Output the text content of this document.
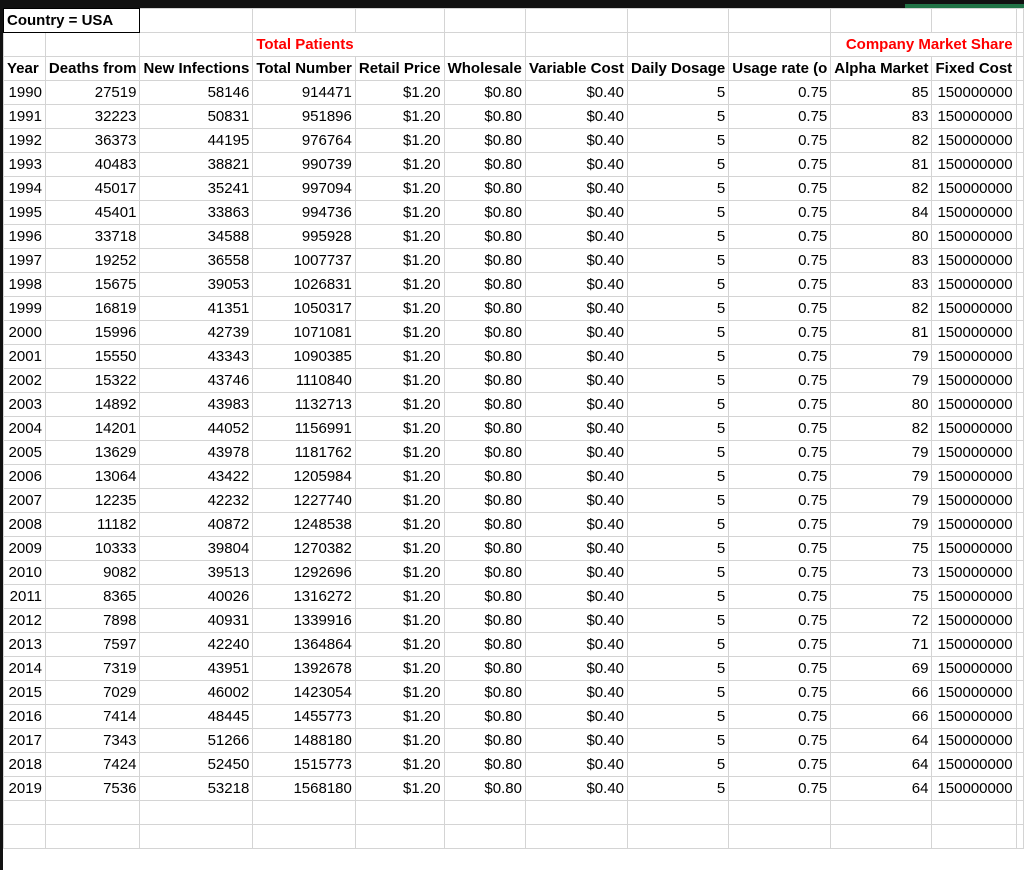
Country = USA											
			Total Patients						Company Market Share		
Year	Deaths from	New Infections	Total Number	Retail Price	Wholesale	Variable Cost	Daily Dosage	Usage rate (o	Alpha Market	Fixed Cost	
1990	27519	58146	914471	$1.20	$0.80	$0.40	5	0.75	85	150000000	
1991	32223	50831	951896	$1.20	$0.80	$0.40	5	0.75	83	150000000	
1992	36373	44195	976764	$1.20	$0.80	$0.40	5	0.75	82	150000000	
1993	40483	38821	990739	$1.20	$0.80	$0.40	5	0.75	81	150000000	
1994	45017	35241	997094	$1.20	$0.80	$0.40	5	0.75	82	150000000	
1995	45401	33863	994736	$1.20	$0.80	$0.40	5	0.75	84	150000000	
1996	33718	34588	995928	$1.20	$0.80	$0.40	5	0.75	80	150000000	
1997	19252	36558	1007737	$1.20	$0.80	$0.40	5	0.75	83	150000000	
1998	15675	39053	1026831	$1.20	$0.80	$0.40	5	0.75	83	150000000	
1999	16819	41351	1050317	$1.20	$0.80	$0.40	5	0.75	82	150000000	
2000	15996	42739	1071081	$1.20	$0.80	$0.40	5	0.75	81	150000000	
2001	15550	43343	1090385	$1.20	$0.80	$0.40	5	0.75	79	150000000	
2002	15322	43746	1110840	$1.20	$0.80	$0.40	5	0.75	79	150000000	
2003	14892	43983	1132713	$1.20	$0.80	$0.40	5	0.75	80	150000000	
2004	14201	44052	1156991	$1.20	$0.80	$0.40	5	0.75	82	150000000	
2005	13629	43978	1181762	$1.20	$0.80	$0.40	5	0.75	79	150000000	
2006	13064	43422	1205984	$1.20	$0.80	$0.40	5	0.75	79	150000000	
2007	12235	42232	1227740	$1.20	$0.80	$0.40	5	0.75	79	150000000	
2008	11182	40872	1248538	$1.20	$0.80	$0.40	5	0.75	79	150000000	
2009	10333	39804	1270382	$1.20	$0.80	$0.40	5	0.75	75	150000000	
2010	9082	39513	1292696	$1.20	$0.80	$0.40	5	0.75	73	150000000	
2011	8365	40026	1316272	$1.20	$0.80	$0.40	5	0.75	75	150000000	
2012	7898	40931	1339916	$1.20	$0.80	$0.40	5	0.75	72	150000000	
2013	7597	42240	1364864	$1.20	$0.80	$0.40	5	0.75	71	150000000	
2014	7319	43951	1392678	$1.20	$0.80	$0.40	5	0.75	69	150000000	
2015	7029	46002	1423054	$1.20	$0.80	$0.40	5	0.75	66	150000000	
2016	7414	48445	1455773	$1.20	$0.80	$0.40	5	0.75	66	150000000	
2017	7343	51266	1488180	$1.20	$0.80	$0.40	5	0.75	64	150000000	
2018	7424	52450	1515773	$1.20	$0.80	$0.40	5	0.75	64	150000000	
2019	7536	53218	1568180	$1.20	$0.80	$0.40	5	0.75	64	150000000	
